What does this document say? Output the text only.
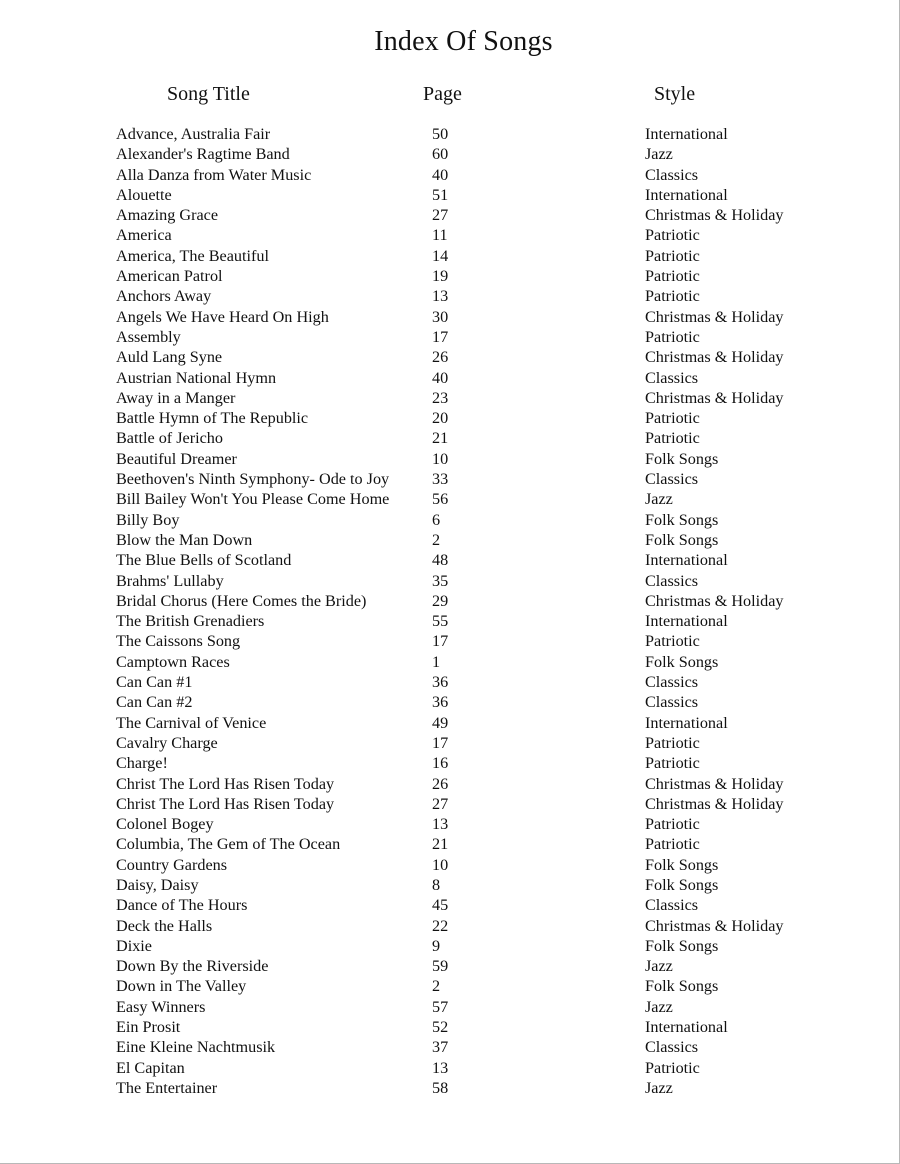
Index Of Songs
Song Title	Page	Style
Advance, Australia Fair	50	International
Alexander's Ragtime Band	60	Jazz
Alla Danza from Water Music	40	Classics
Alouette	51	International
Amazing Grace	27	Christmas & Holiday
America	11	Patriotic
America, The Beautiful	14	Patriotic
American Patrol	19	Patriotic
Anchors Away	13	Patriotic
Angels We Have Heard On High	30	Christmas & Holiday
Assembly	17	Patriotic
Auld Lang Syne	26	Christmas & Holiday
Austrian National Hymn	40	Classics
Away in a Manger	23	Christmas & Holiday
Battle Hymn of The Republic	20	Patriotic
Battle of Jericho	21	Patriotic
Beautiful Dreamer	10	Folk Songs
Beethoven's Ninth Symphony- Ode to Joy	33	Classics
Bill Bailey Won't You Please Come Home	56	Jazz
Billy Boy	6	Folk Songs
Blow the Man Down	2	Folk Songs
The Blue Bells of Scotland	48	International
Brahms' Lullaby	35	Classics
Bridal Chorus (Here Comes the Bride)	29	Christmas & Holiday
The British Grenadiers	55	International
The Caissons Song	17	Patriotic
Camptown Races	1	Folk Songs
Can Can #1	36	Classics
Can Can #2	36	Classics
The Carnival of Venice	49	International
Cavalry Charge	17	Patriotic
Charge!	16	Patriotic
Christ The Lord Has Risen Today	26	Christmas & Holiday
Christ The Lord Has Risen Today	27	Christmas & Holiday
Colonel Bogey	13	Patriotic
Columbia, The Gem of The Ocean	21	Patriotic
Country Gardens	10	Folk Songs
Daisy, Daisy	8	Folk Songs
Dance of The Hours	45	Classics
Deck the Halls	22	Christmas & Holiday
Dixie	9	Folk Songs
Down By the Riverside	59	Jazz
Down in The Valley	2	Folk Songs
Easy Winners	57	Jazz
Ein Prosit	52	International
Eine Kleine Nachtmusik	37	Classics
El Capitan	13	Patriotic
The Entertainer	58	Jazz
